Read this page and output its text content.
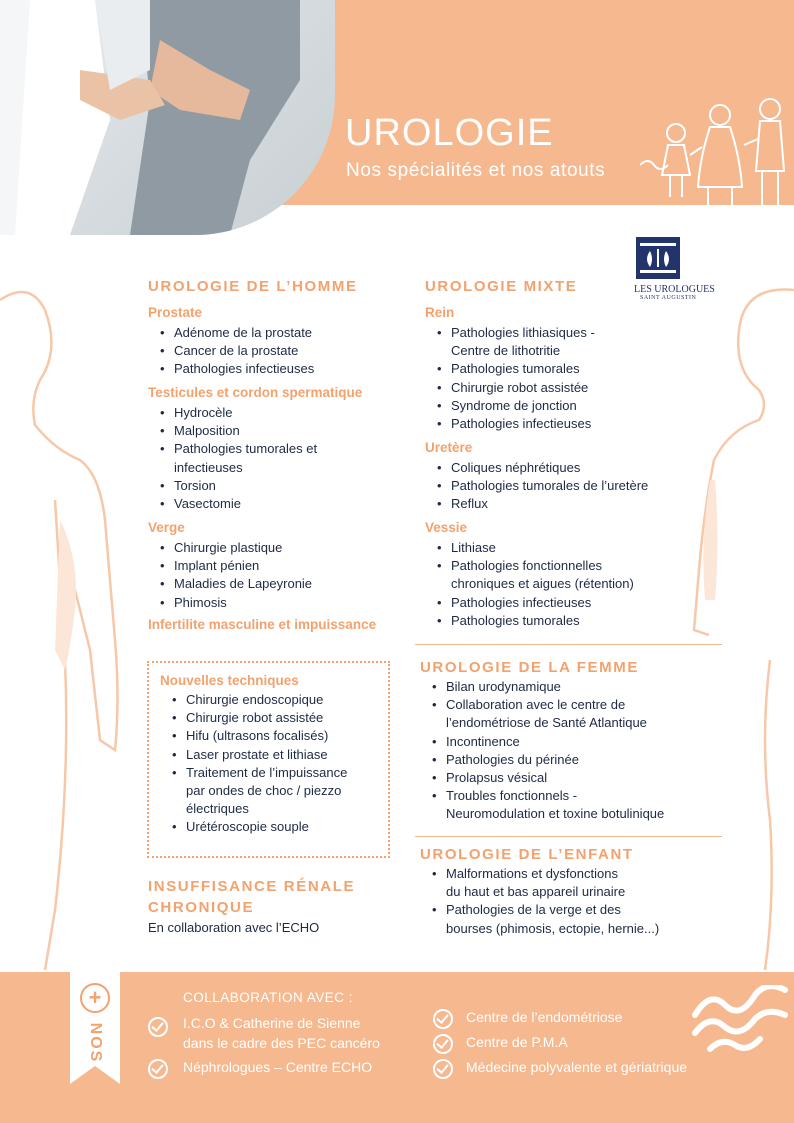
UROLOGIE
Nos spécialités et nos atouts
LES UROLOGUES
SAINT AUGUSTIN
UROLOGIE DE L’HOMME
Prostate
• Adénome de la prostate
• Cancer de la prostate
• Pathologies infectieuses
Testicules et cordon spermatique
• Hydrocèle
• Malposition
• Pathologies tumorales et
infectieuses
• Torsion
• Vasectomie
Verge
• Chirurgie plastique
• Implant pénien
• Maladies de Lapeyronie
• Phimosis
Infertilite masculine et impuissance
Nouvelles techniques
• Chirurgie endoscopique
• Chirurgie robot assistée
• Hifu (ultrasons focalisés)
• Laser prostate et lithiase
• Traitement de l’impuissance
par ondes de choc / piezzo
électriques
• Urétéroscopie souple
INSUFFISANCE RÉNALE
CHRONIQUE
En collaboration avec l’ECHO
UROLOGIE MIXTE
Rein
• Pathologies lithiasiques -
Centre de lithotritie
• Pathologies tumorales
• Chirurgie robot assistée
• Syndrome de jonction
• Pathologies infectieuses
Uretère
• Coliques néphrétiques
• Pathologies tumorales de l’uretère
• Reflux
Vessie
• Lithiase
• Pathologies fonctionnelles
chroniques et aigues (rétention)
• Pathologies infectieuses
• Pathologies tumorales
UROLOGIE DE LA FEMME
• Bilan urodynamique
• Collaboration avec le centre de
l’endométriose de Santé Atlantique
• Incontinence
• Pathologies du périnée
• Prolapsus vésical
• Troubles fonctionnels -
Neuromodulation et toxine botulinique
UROLOGIE DE L’ENFANT
• Malformations et dysfonctions
du haut et bas appareil urinaire
• Pathologies de la verge et des
bourses (phimosis, ectopie, hernie...)
+
NOS
COLLABORATION AVEC :
I.C.O & Catherine de Sienne
dans le cadre des PEC cancéro
Néphrologues – Centre ECHO
Centre de l’endométriose
Centre de P.M.A
Médecine polyvalente et gériatrique
